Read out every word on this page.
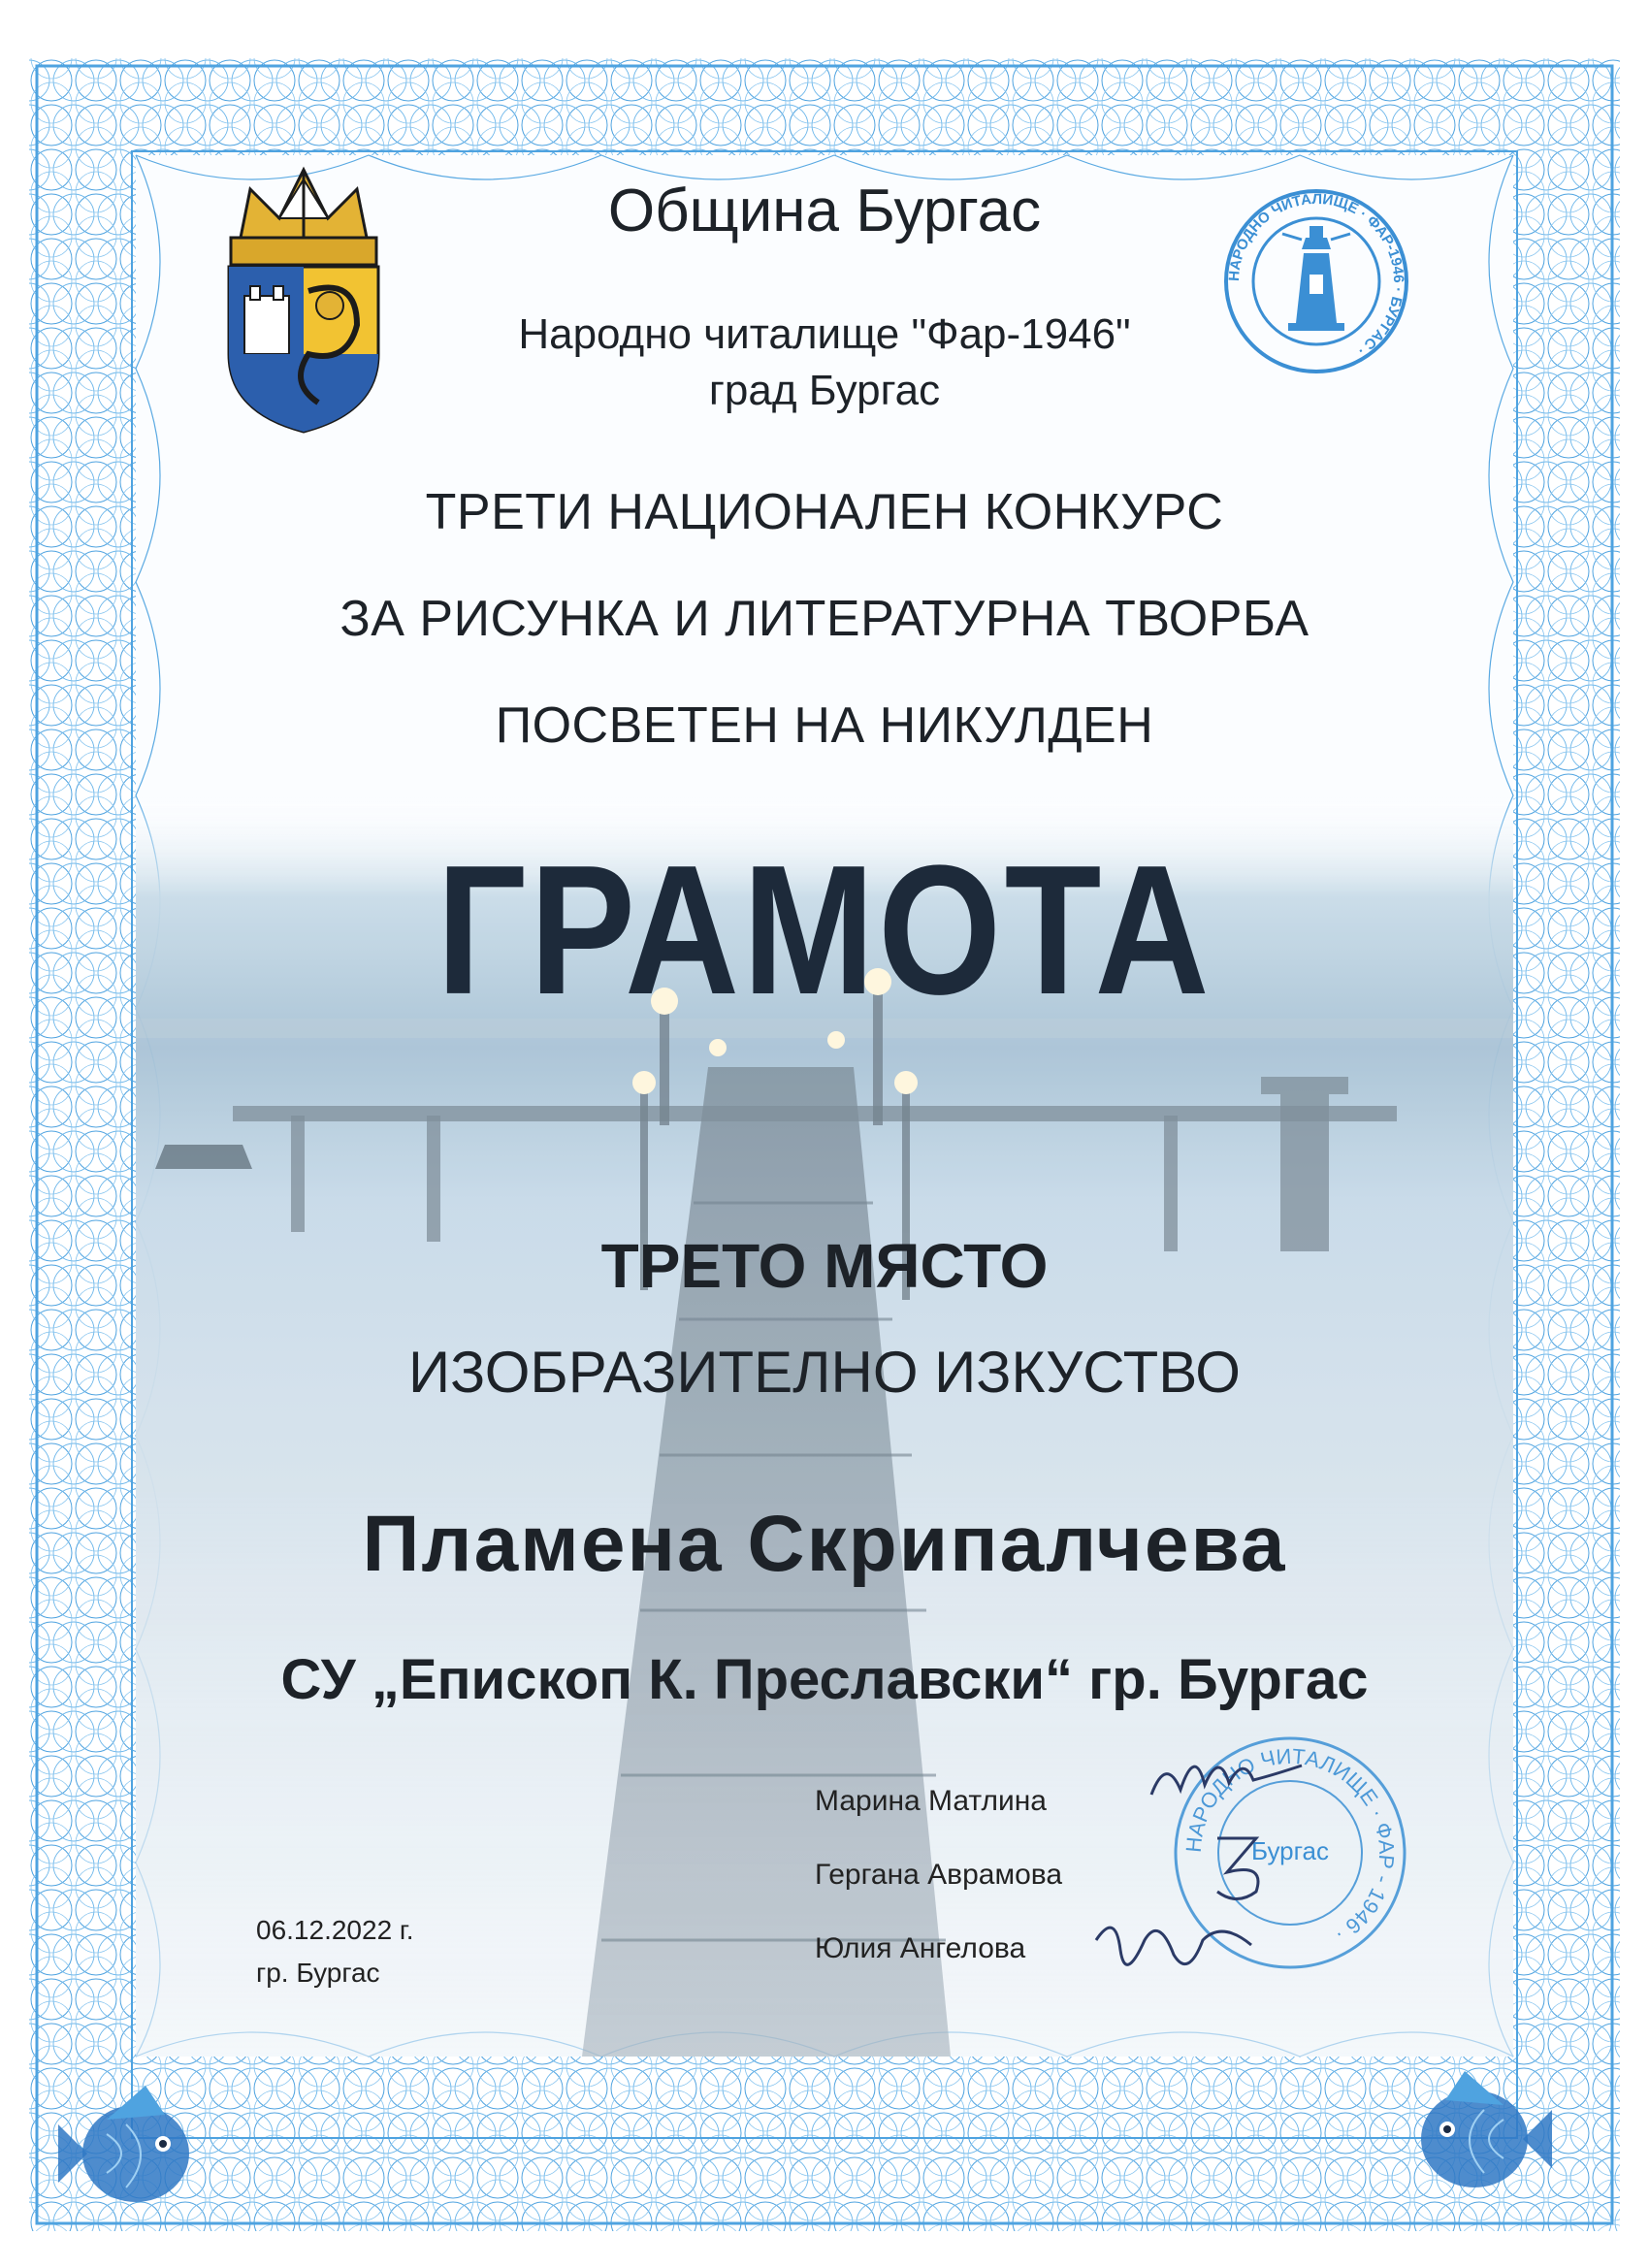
НАРОДНО ЧИТАЛИЩЕ · ФАР-1946 · БУРГАС ·
Община Бургас
Народно читалище "Фар-1946"
град Бургас
ТРЕТИ НАЦИОНАЛЕН КОНКУРС
ЗА РИСУНКА И ЛИТЕРАТУРНА ТВОРБА
ПОСВЕТЕН НА НИКУЛДЕН
ГРАМОТА
ТРЕТО МЯСТО
ИЗОБРАЗИТЕЛНО ИЗКУСТВО
Пламена Скрипалчева
СУ „Епископ К. Преславски“ гр. Бургас
Марина Матлина
Гергана Аврамова
Юлия Ангелова
06.12.2022 г.
гр. Бургас
НАРОДНО ЧИТАЛИЩЕ · ФАР - 1946 ·
Бургас
